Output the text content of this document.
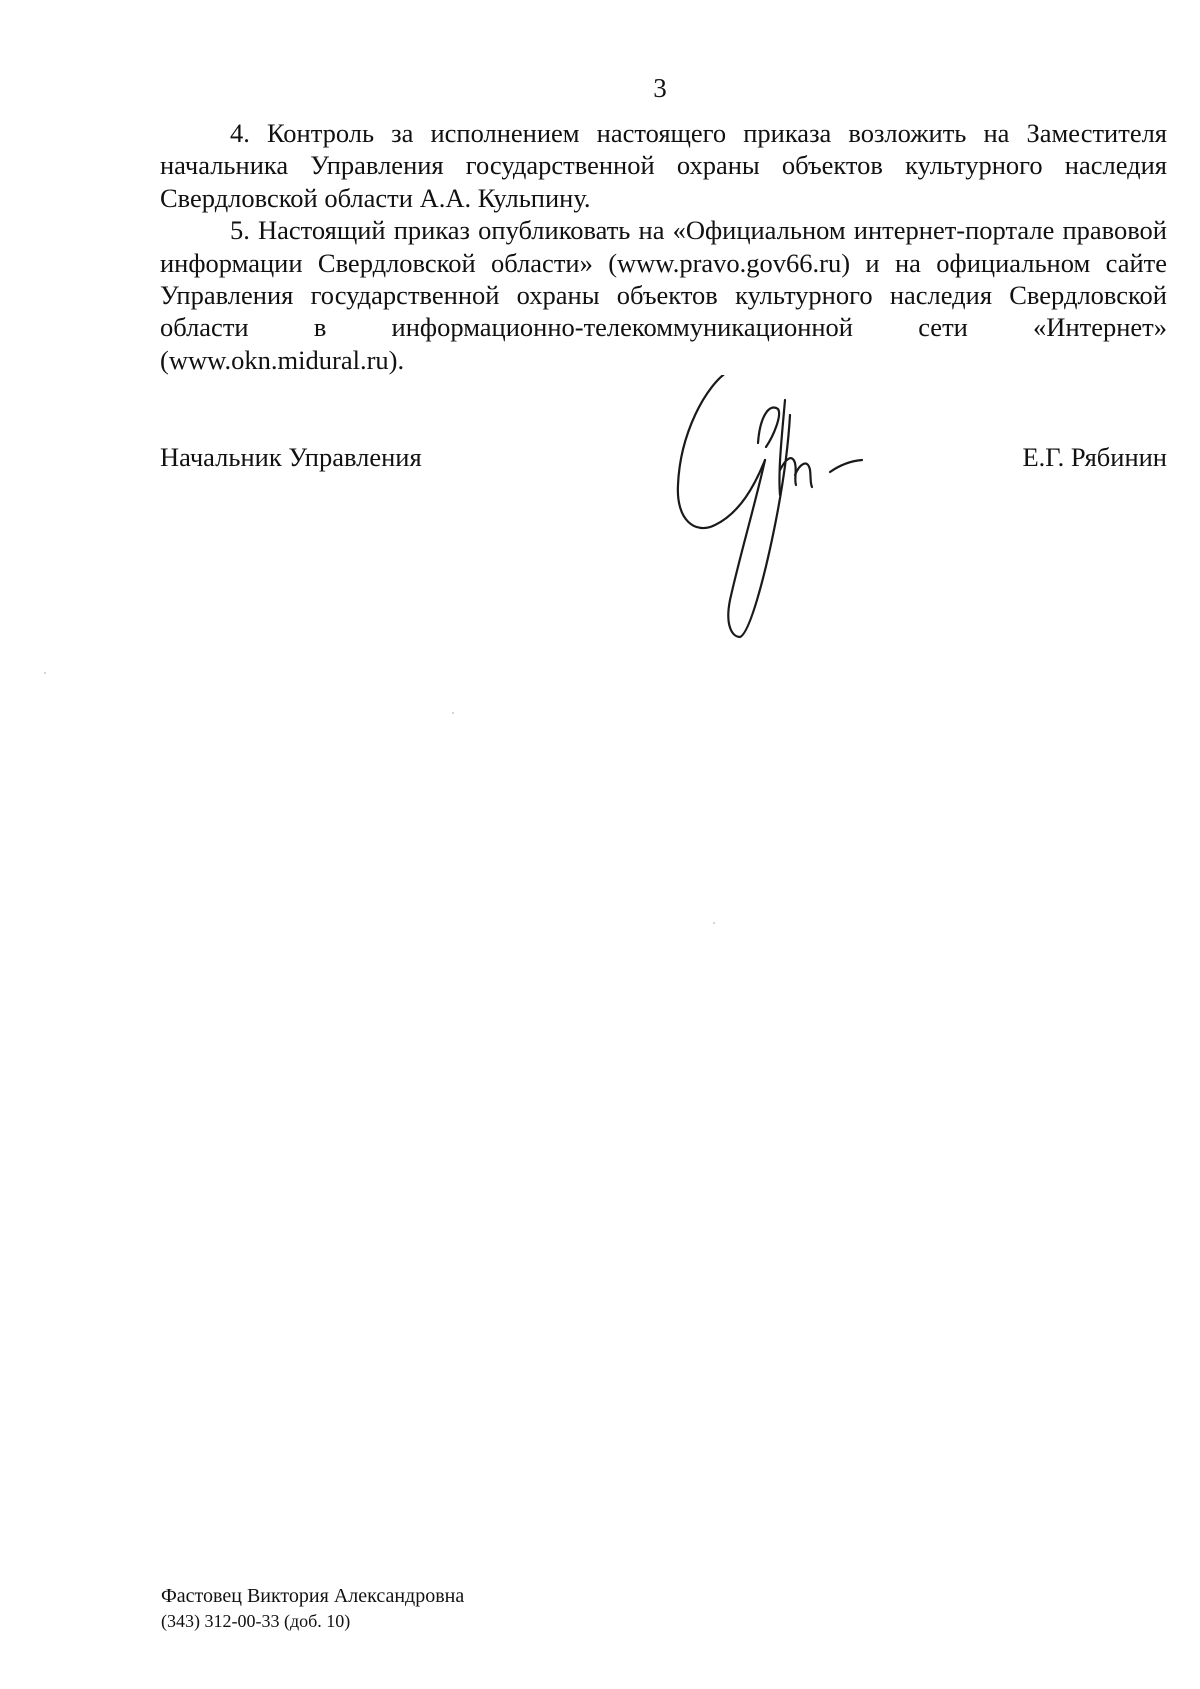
3

4. Контроль за исполнением настоящего приказа возложить на Заместителя начальника Управления государственной охраны объектов культурного наследия Свердловской области А.А. Кульпину.

5. Настоящий приказ опубликовать на «Официальном интернет-портале правовой информации Свердловской области» (www.pravo.gov66.ru) и на официальном сайте Управления государственной охраны объектов культурного наследия Свердловской области в информационно-телекоммуникационной сети «Интернет» (www.okn.midural.ru).

Начальник Управления	Е.Г. Рябинин
Фастовец Виктория Александровна
(343) 312-00-33 (доб. 10)
